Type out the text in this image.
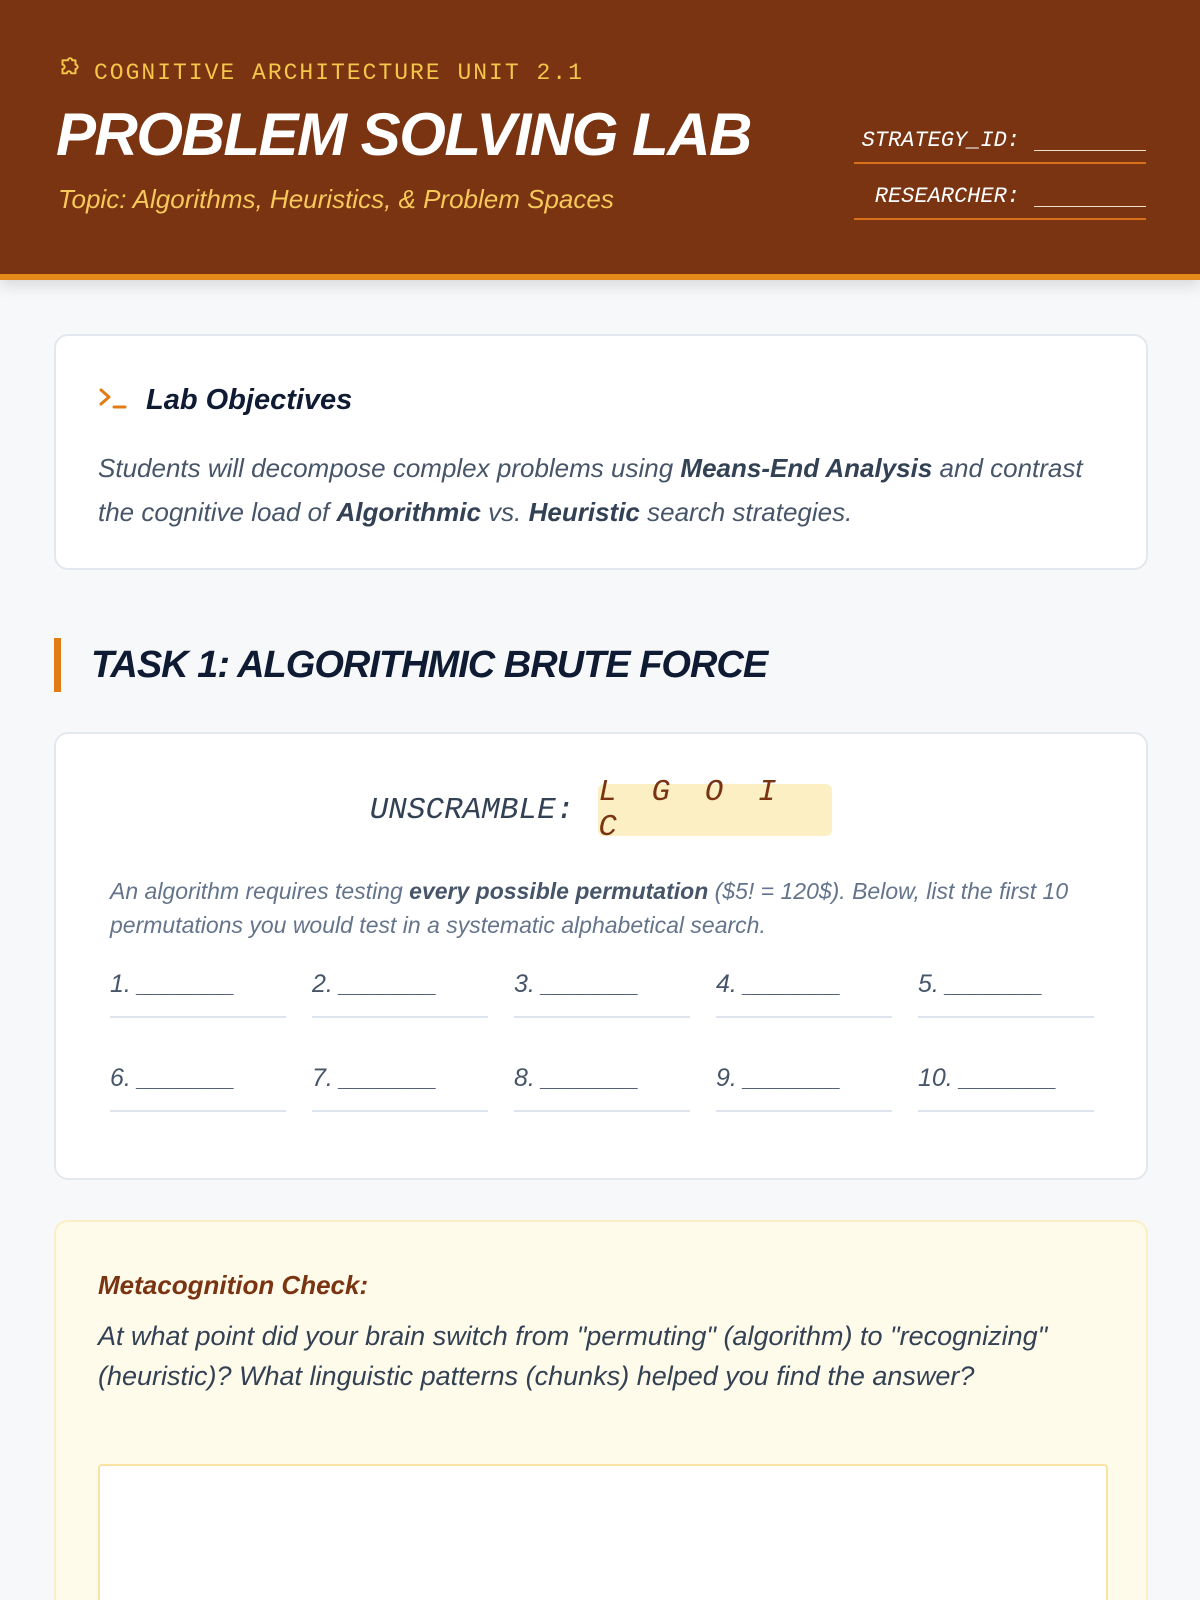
COGNITIVE ARCHITECTURE UNIT 2.1
PROBLEM SOLVING LAB
Topic: Algorithms, Heuristics, & Problem Spaces
STRATEGY_ID:
RESEARCHER:
Lab Objectives

Students will decompose complex problems using Means-End Analysis and contrast the cognitive load of Algorithmic vs. Heuristic search strategies.

TASK 1: ALGORITHMIC BRUTE FORCE
UNSCRAMBLE: L G O I C

An algorithm requires testing every possible permutation ($5! = 120$). Below, list the first 10 permutations you would test in a systematic alphabetical search.

1. _______	2. _______	3. _______	4. _______	5. _______
6. _______	7. _______	8. _______	9. _______	10. _______
Metacognition Check:

At what point did your brain switch from "permuting" (algorithm) to "recognizing" (heuristic)? What linguistic patterns (chunks) helped you find the answer?
